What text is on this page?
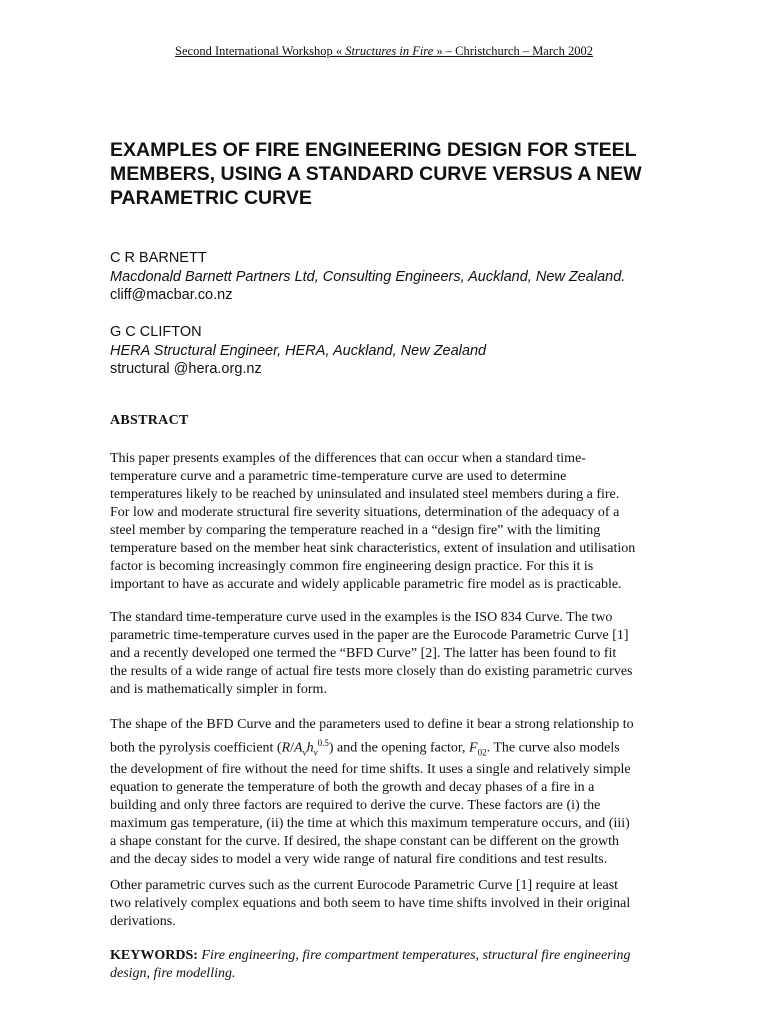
Second International Workshop « Structures in Fire » – Christchurch – March 2002
EXAMPLES OF FIRE ENGINEERING DESIGN FOR STEEL
MEMBERS, USING A STANDARD CURVE VERSUS A NEW
PARAMETRIC CURVE
C R BARNETT
Macdonald Barnett Partners Ltd, Consulting Engineers, Auckland, New Zealand.
cliff@macbar.co.nz
G C CLIFTON
HERA Structural Engineer, HERA, Auckland, New Zealand
structural @hera.org.nz
ABSTRACT
This paper presents examples of the differences that can occur when a standard time-
temperature curve and a parametric time-temperature curve are used to determine
temperatures likely to be reached by uninsulated and insulated steel members during a fire.
For low and moderate structural fire severity situations, determination of the adequacy of a
steel member by comparing the temperature reached in a “design fire” with the limiting
temperature based on the member heat sink characteristics, extent of insulation and utilisation
factor is becoming increasingly common fire engineering design practice. For this it is
important to have as accurate and widely applicable parametric fire model as is practicable.
The standard time-temperature curve used in the examples is the ISO 834 Curve. The two
parametric time-temperature curves used in the paper are the Eurocode Parametric Curve [1]
and a recently developed one termed the “BFD Curve” [2]. The latter has been found to fit
the results of a wide range of actual fire tests more closely than do existing parametric curves
and is mathematically simpler in form.
The shape of the BFD Curve and the parameters used to define it bear a strong relationship to
both the pyrolysis coefficient $(R/A_vh_v^{0.5})$ and the opening factor, $F_{02}$. The curve also models
the development of fire without the need for time shifts. It uses a single and relatively simple
equation to generate the temperature of both the growth and decay phases of a fire in a
building and only three factors are required to derive the curve. These factors are (i) the
maximum gas temperature, (ii) the time at which this maximum temperature occurs, and (iii)
a shape constant for the curve. If desired, the shape constant can be different on the growth
and the decay sides to model a very wide range of natural fire conditions and test results.
Other parametric curves such as the current Eurocode Parametric Curve [1] require at least
two relatively complex equations and both seem to have time shifts involved in their original
derivations.
KEYWORDS: Fire engineering, fire compartment temperatures, structural fire engineering
design, fire modelling.
